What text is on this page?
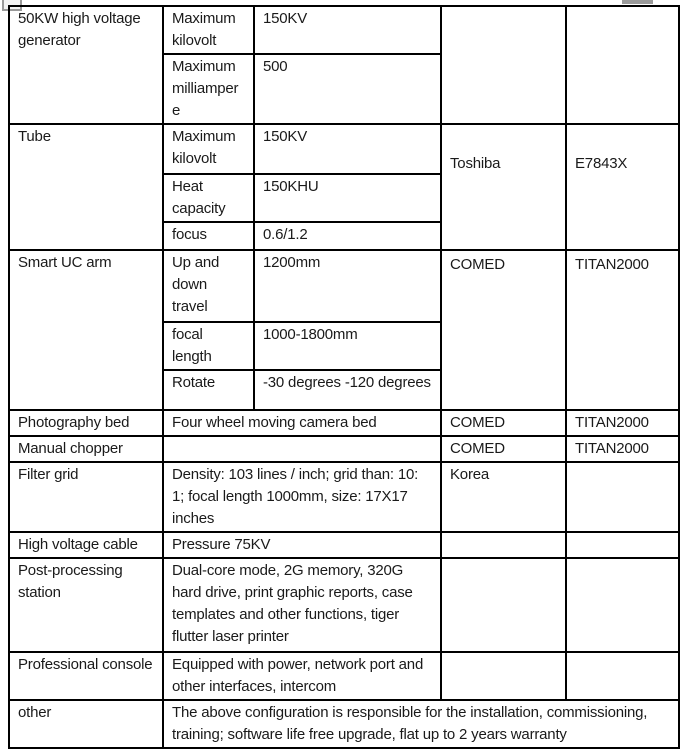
50KW high voltage generator	Maximum kilovolt	150KV		
	Maximum milliampere	500		
Tube	Maximum kilovolt	150KV	Toshiba	E7843X
	Heat capacity	150KHU		
	focus	0.6/1.2		
Smart UC arm	Up and down travel	1200mm	COMED	TITAN2000
	focal length	1000-1800mm		
	Rotate	-30 degrees -120 degrees		
Photography bed	Four wheel moving camera bed		COMED	TITAN2000
Manual chopper			COMED	TITAN2000
Filter grid	Density: 103 lines / inch; grid than: 10: 1; focal length 1000mm, size: 17X17 inches		Korea	
High voltage cable	Pressure 75KV			
Post-processing station	Dual-core mode, 2G memory, 320G hard drive, print graphic reports, case templates and other functions, tiger flutter laser printer			
Professional console	Equipped with power, network port and other interfaces, intercom			
other	The above configuration is responsible for the installation, commissioning, training; software life free upgrade, flat up to 2 years warranty			
